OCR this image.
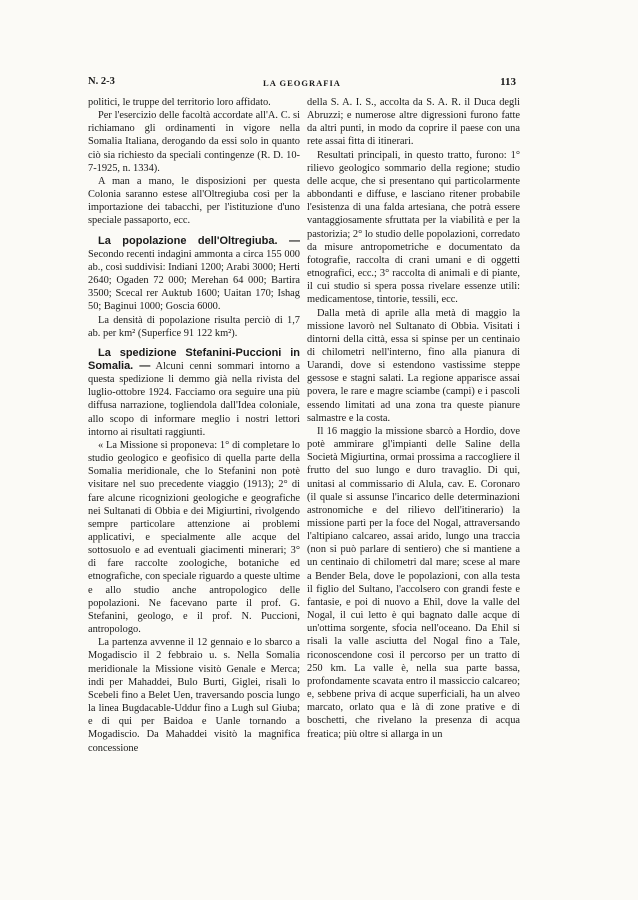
N. 2-3	LA GEOGRAFIA	113

politici, le truppe del territorio loro affidato.

Per l'esercizio delle facoltà accordate all'A. C. si richiamano gli ordinamenti in vigore nella Somalia Italiana, derogando da essi solo in quanto ciò sia richiesto da speciali contingenze (R. D. 10-7-1925, n. 1334).

A man a mano, le disposizioni per questa Colonia saranno estese all'Oltregiuba così per la importazione dei tabacchi, per l'istituzione d'uno speciale passaporto, ecc.

La popolazione dell'Oltregiuba. — Secondo recenti indagini ammonta a circa 155 000 ab., così suddivisi: Indiani 1200; Arabi 3000; Herti 2640; Ogaden 72 000; Merehan 64 000; Bartira 3500; Scecal rer Auktub 1600; Uaitan 170; Ishag 50; Baginui 1000; Goscia 6000.

La densità di popolazione risulta perciò di 1,7 ab. per km² (Superfice 91 122 km²).

La spedizione Stefanini-Puccioni in Somalia. — Alcuni cenni sommari intorno a questa spedizione li demmo già nella rivista del luglio-ottobre 1924. Facciamo ora seguire una più diffusa narrazione, togliendola dall'Idea coloniale, allo scopo di informare meglio i nostri lettori intorno ai risultati raggiunti.

« La Missione si proponeva: 1° di completare lo studio geologico e geofisico di quella parte della Somalia meridionale, che lo Stefanini non potè visitare nel suo precedente viaggio (1913); 2° di fare alcune ricognizioni geologiche e geografiche nei Sultanati di Obbia e dei Migiurtini, rivolgendo sempre particolare attenzione ai problemi applicativi, e specialmente alle acque del sottosuolo e ad eventuali giacimenti minerari; 3° di fare raccolte zoologiche, botaniche ed etnografiche, con speciale riguardo a queste ultime e allo studio anche antropologico delle popolazioni. Ne facevano parte il prof. G. Stefanini, geologo, e il prof. N. Puccioni, antropologo.

La partenza avvenne il 12 gennaio e lo sbarco a Mogadiscio il 2 febbraio u. s. Nella Somalia meridionale la Missione visitò Genale e Merca; indi per Mahaddei, Bulo Burti, Giglei, risalì lo Scebeli fino a Belet Uen, traversando poscia lungo la linea Bugdacable-Uddur fino a Lugh sul Giuba; e di qui per Baidoa e Uanle tornando a Mogadiscio. Da Mahaddei visitò la magnifica concessione

della S. A. I. S., accolta da S. A. R. il Duca degli Abruzzi; e numerose altre digressioni furono fatte da altri punti, in modo da coprire il paese con una rete assai fitta di itinerari.

Resultati principali, in questo tratto, furono: 1° rilievo geologico sommario della regione; studio delle acque, che si presentano qui particolarmente abbondanti e diffuse, e lasciano ritener probabile l'esistenza di una falda artesiana, che potrà essere vantaggiosamente sfruttata per la viabilità e per la pastorizia; 2° lo studio delle popolazioni, corredato da misure antropometriche e documentato da fotografie, raccolta di crani umani e di oggetti etnografici, ecc.; 3° raccolta di animali e di piante, il cui studio si spera possa rivelare essenze utili: medicamentose, tintorie, tessili, ecc.

Dalla metà di aprile alla metà di maggio la missione lavorò nel Sultanato di Obbia. Visitati i dintorni della città, essa si spinse per un centinaio di chilometri nell'interno, fino alla pianura di Uarandi, dove si estendono vastissime steppe gessose e stagni salati. La regione apparisce assai povera, le rare e magre sciambe (campi) e i pascoli essendo limitati ad una zona tra queste pianure salmastre e la costa.

Il 16 maggio la missione sbarcò a Hordio, dove potè ammirare gl'impianti delle Saline della Società Migiurtina, ormai prossima a raccogliere il frutto del suo lungo e duro travaglio. Di qui, unitasi al commissario di Alula, cav. E. Coronaro (il quale si assunse l'incarico delle determinazioni astronomiche e del rilievo dell'itinerario) la missione partì per la foce del Nogal, attraversando l'altipiano calcareo, assai arido, lungo una traccia (non si può parlare di sentiero) che si mantiene a un centinaio di chilometri dal mare; scese al mare a Bender Bela, dove le popolazioni, con alla testa il figlio del Sultano, l'accolsero con grandi feste e fantasie, e poi di nuovo a Ehil, dove la valle del Nogal, il cui letto è qui bagnato dalle acque di un'ottima sorgente, sfocia nell'oceano. Da Ehil si risalì la valle asciutta del Nogal fino a Tale, riconoscendone così il percorso per un tratto di 250 km. La valle è, nella sua parte bassa, profondamente scavata entro il massiccio calcareo; e, sebbene priva di acque superficiali, ha un alveo marcato, orlato qua e là di zone prative e di boschetti, che rivelano la presenza di acqua freatica; più oltre si allarga in un
